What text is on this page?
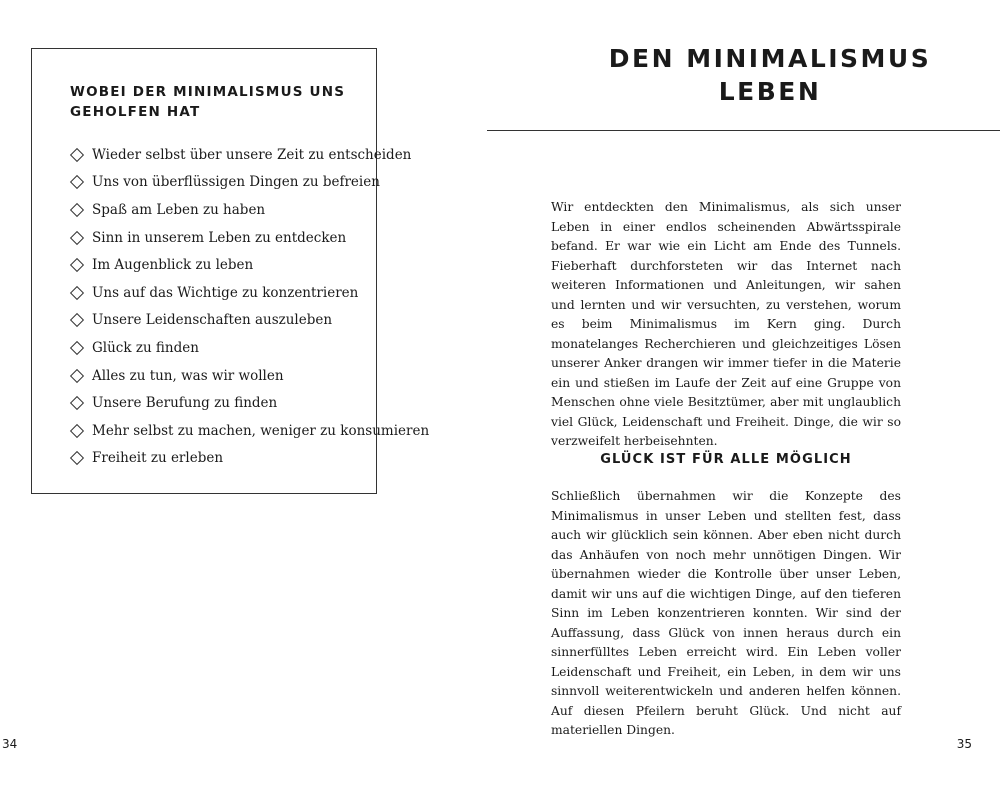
WOBEI DER MINIMALISMUS UNS GEHOLFEN HAT
Wieder selbst über unsere Zeit zu entscheiden
Uns von überflüssigen Dingen zu befreien
Spaß am Leben zu haben
Sinn in unserem Leben zu entdecken
Im Augenblick zu leben
Uns auf das Wichtige zu konzentrieren
Unsere Leidenschaften auszuleben
Glück zu finden
Alles zu tun, was wir wollen
Unsere Berufung zu finden
Mehr selbst zu machen, weniger zu konsumieren
Freiheit zu erleben
34
DEN MINIMALISMUS LEBEN

Wir entdeckten den Minimalismus, als sich unser Leben in einer endlos scheinenden Abwärtsspirale befand. Er war wie ein Licht am Ende des Tunnels. Fieberhaft durchforsteten wir das Internet nach weiteren Informationen und Anleitungen, wir sahen und lernten und wir versuchten, zu verstehen, worum es beim Minimalismus im Kern ging. Durch monatelanges Recherchieren und gleichzeitiges Lösen unserer Anker drangen wir immer tiefer in die Materie ein und stießen im Laufe der Zeit auf eine Gruppe von Menschen ohne viele Besitztümer, aber mit unglaublich viel Glück, Leidenschaft und Freiheit. Dinge, die wir so verzweifelt herbeisehnten.

GLÜCK IST FÜR ALLE MÖGLICH

Schließlich übernahmen wir die Konzepte des Minimalismus in unser Leben und stellten fest, dass auch wir glücklich sein können. Aber eben nicht durch das Anhäufen von noch mehr unnötigen Dingen. Wir übernahmen wieder die Kontrolle über unser Leben, damit wir uns auf die wichtigen Dinge, auf den tieferen Sinn im Leben konzentrieren konnten. Wir sind der Auffassung, dass Glück von innen heraus durch ein sinnerfülltes Leben erreicht wird. Ein Leben voller Leidenschaft und Freiheit, ein Leben, in dem wir uns sinnvoll weiterentwickeln und anderen helfen können. Auf diesen Pfeilern beruht Glück. Und nicht auf materiellen Dingen.

35
